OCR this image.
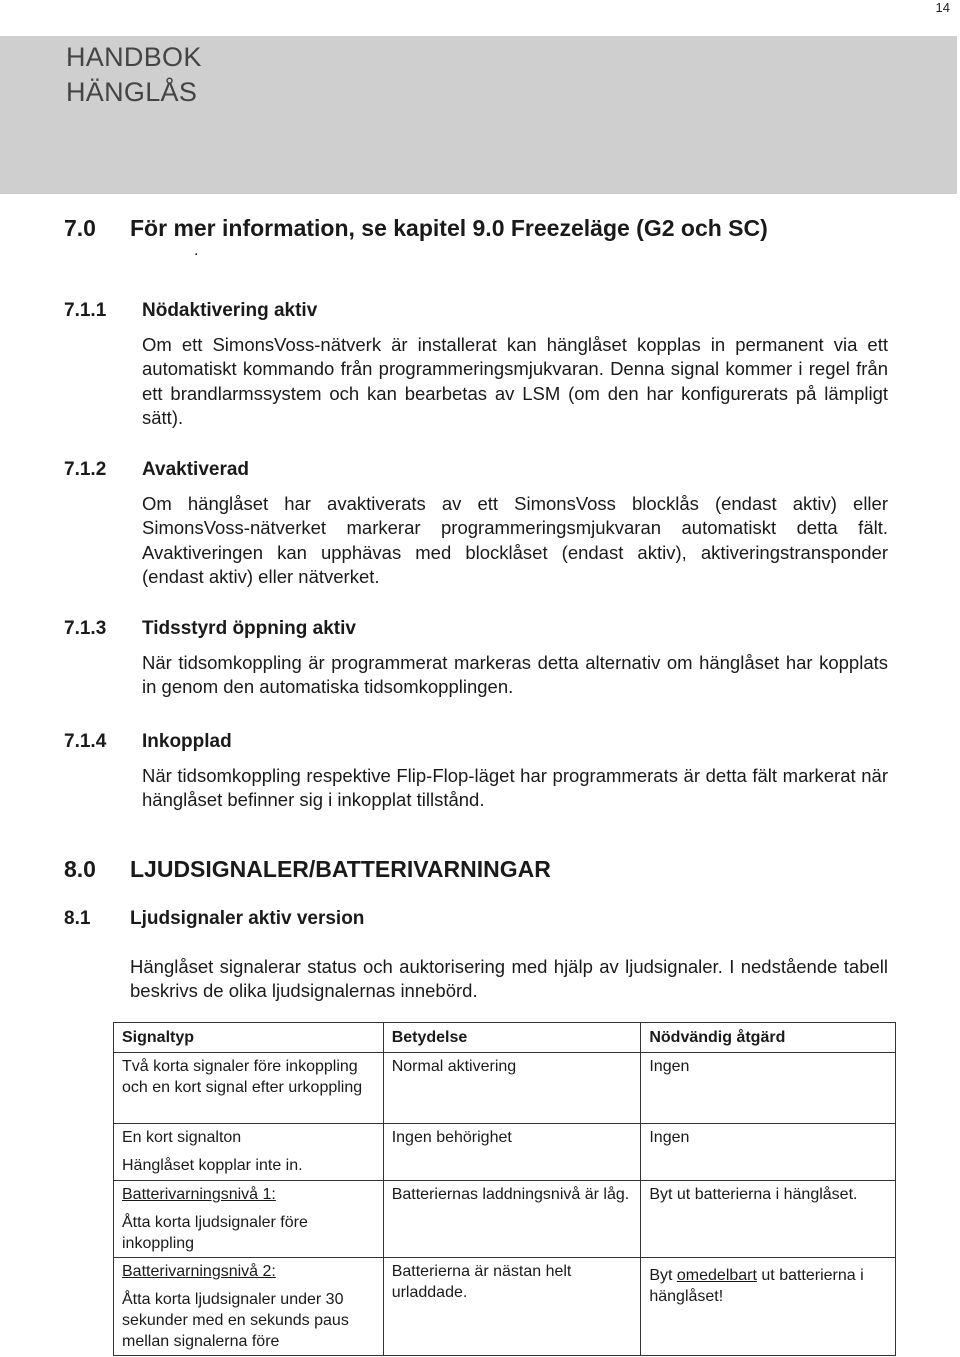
14
HANDBOK
HÄNGLÅS
7.0 För mer information, se kapitel 9.0 Freezeläge (G2 och SC)
.
7.1.1 Nödaktivering aktiv
Om ett SimonsVoss-nätverk är installerat kan hänglåset kopplas in permanent via ett automatiskt kommando från programmeringsmjukvaran. Denna signal kommer i regel från ett brandlarmssystem och kan bearbetas av LSM (om den har konfigurerats på lämpligt sätt).
7.1.2 Avaktiverad
Om hänglåset har avaktiverats av ett SimonsVoss blocklås (endast aktiv) eller SimonsVoss-nätverket markerar programmeringsmjukvaran automatiskt detta fält. Avaktiveringen kan upphävas med blocklåset (endast aktiv), aktiveringstransponder (endast aktiv) eller nätverket.
7.1.3 Tidsstyrd öppning aktiv
När tidsomkoppling är programmerat markeras detta alternativ om hänglåset har kopplats in genom den automatiska tidsomkopplingen.
7.1.4 Inkopplad
När tidsomkoppling respektive Flip-Flop-läget har programmerats är detta fält markerat när hänglåset befinner sig i inkopplat tillstånd.
8.0 LJUDSIGNALER/BATTERIVARNINGAR
8.1 Ljudsignaler aktiv version
Hänglåset signalerar status och auktorisering med hjälp av ljudsignaler. I nedstående tabell beskrivs de olika ljudsignalernas innebörd.
Signaltyp	Betydelse	Nödvändig åtgärd
Två korta signaler före inkoppling och en kort signal efter urkoppling	Normal aktivering	Ingen

En kort signalton
Hänglåset kopplar inte in.	Ingen behörighet	Ingen

Batterivarningsnivå 1:
Åtta korta ljudsignaler före inkoppling	Batteriernas laddningsnivå är låg.	Byt ut batterierna i hänglåset.

Batterivarningsnivå 2:
Åtta korta ljudsignaler under 30 sekunder med en sekunds paus mellan signalerna före	Batterierna är nästan helt urladdade.	Byt omedelbart ut batterierna i hänglåset!
